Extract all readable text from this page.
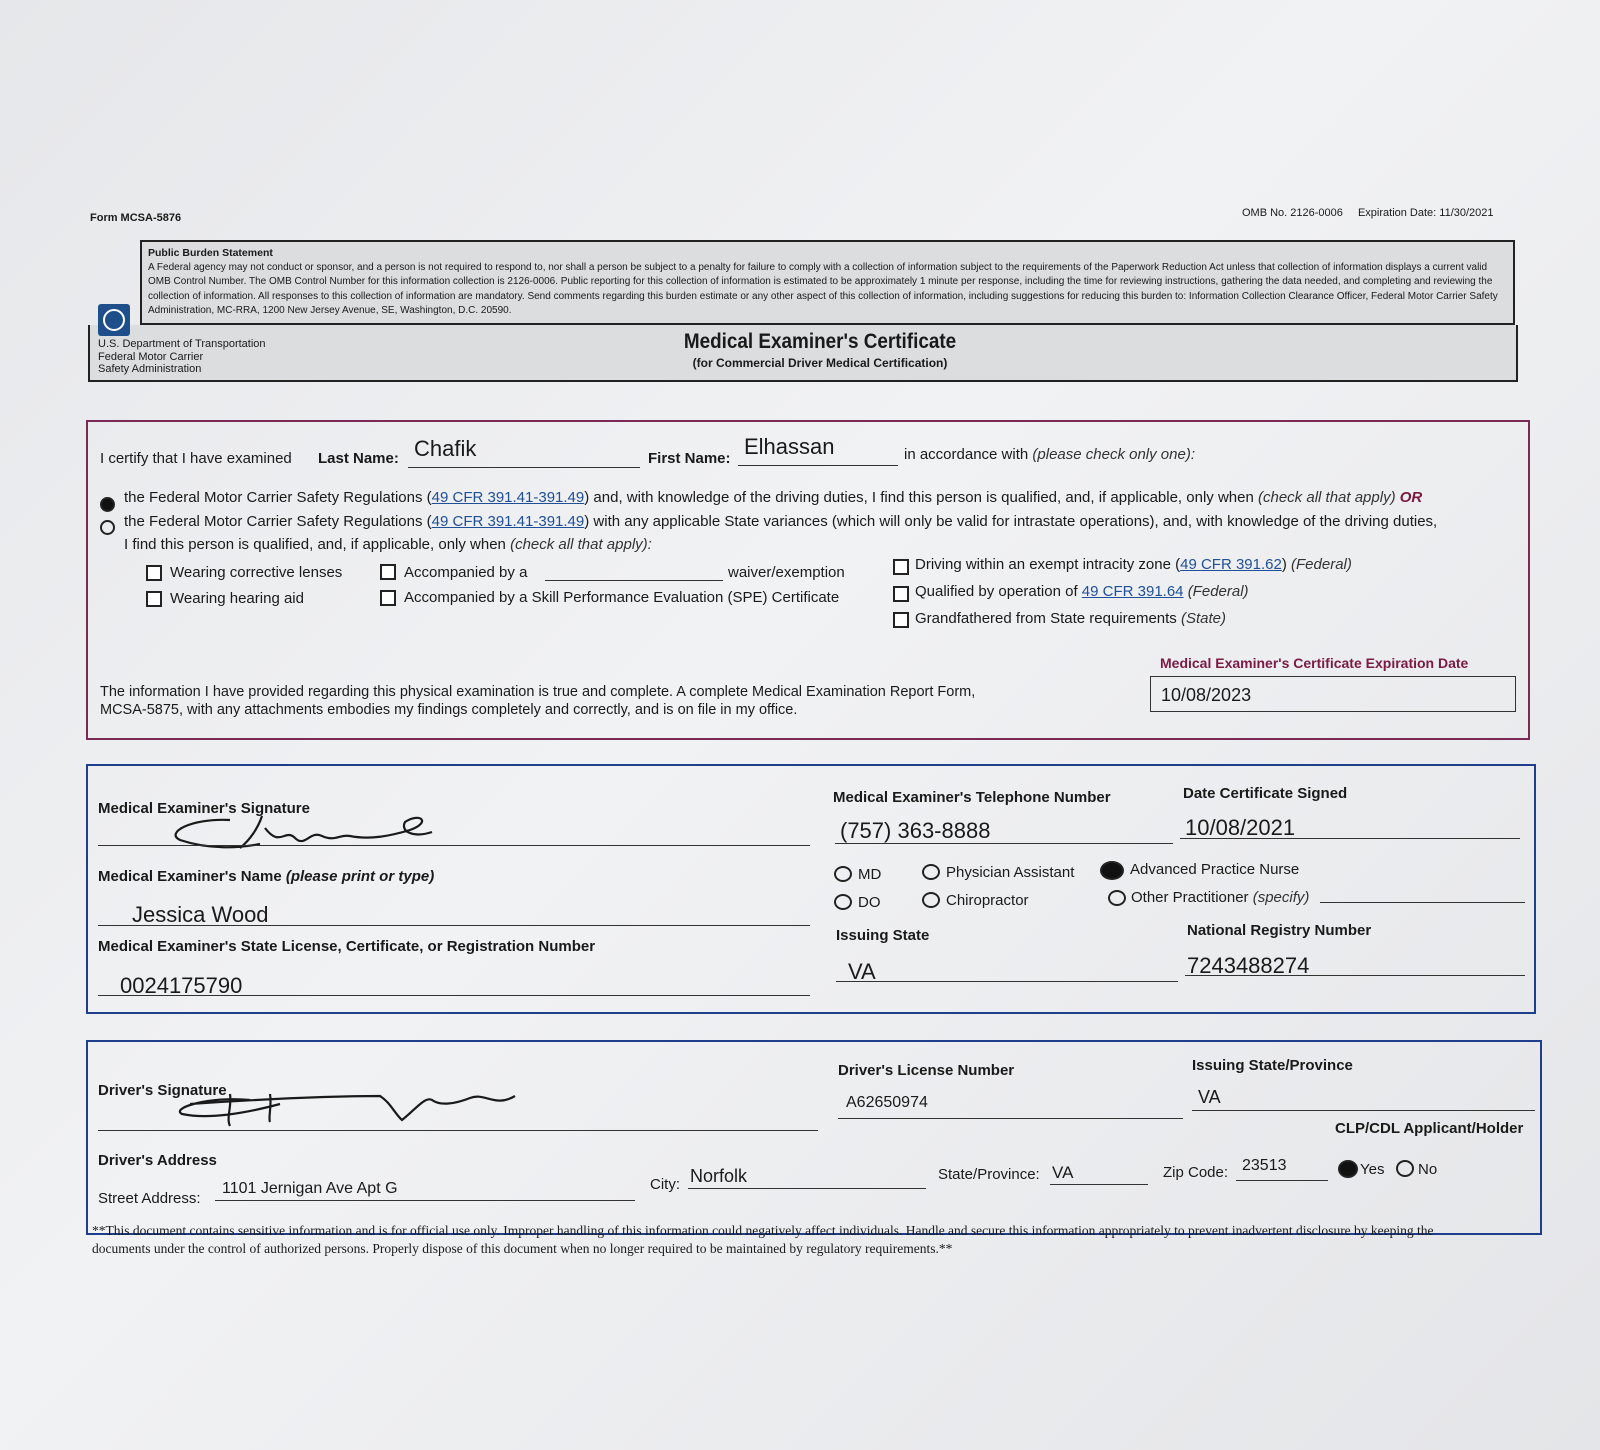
Form MCSA-5876	OMB No. 2126-0006 Expiration Date: 11/30/2021
Public Burden Statement
A Federal agency may not conduct or sponsor, and a person is not required to respond to, nor shall a person be subject to a penalty for failure to comply with a collection of information subject to the requirements of the Paperwork Reduction Act unless that collection of information displays a current valid OMB Control Number. The OMB Control Number for this information collection is 2126-0006. Public reporting for this collection of information is estimated to be approximately 1 minute per response, including the time for reviewing instructions, gathering the data needed, and completing and reviewing the collection of information. All responses to this collection of information are mandatory. Send comments regarding this burden estimate or any other aspect of this collection of information, including suggestions for reducing this burden to: Information Collection Clearance Officer, Federal Motor Carrier Safety Administration, MC-RRA, 1200 New Jersey Avenue, SE, Washington, D.C. 20590.
U.S. Department of Transportation
Federal Motor Carrier
Safety Administration
Medical Examiner's Certificate
(for Commercial Driver Medical Certification)
I certify that I have examined Last Name: Chafik	First Name: Elhassan	in accordance with (please check only one):
the Federal Motor Carrier Safety Regulations (49 CFR 391.41-391.49) and, with knowledge of the driving duties, I find this person is qualified, and, if applicable, only when (check all that apply) OR
the Federal Motor Carrier Safety Regulations (49 CFR 391.41-391.49) with any applicable State variances (which will only be valid for intrastate operations), and, with knowledge of the driving duties,
I find this person is qualified, and, if applicable, only when (check all that apply):
Wearing corrective lenses
Wearing hearing aid
Accompanied by a	waiver/exemption
Accompanied by a Skill Performance Evaluation (SPE) Certificate
Driving within an exempt intracity zone (49 CFR 391.62) (Federal)
Qualified by operation of 49 CFR 391.64 (Federal)
Grandfathered from State requirements (State)
The information I have provided regarding this physical examination is true and complete. A complete Medical Examination Report Form,
MCSA-5875, with any attachments embodies my findings completely and correctly, and is on file in my office.
Medical Examiner's Certificate Expiration Date
10/08/2023
Medical Examiner's Signature
Medical Examiner's Telephone Number
(757) 363-8888
Date Certificate Signed
10/08/2021
Medical Examiner's Name (please print or type)
Jessica Wood
MD
DO
Physician Assistant
Chiropractor
Advanced Practice Nurse
Other Practitioner (specify)
Medical Examiner's State License, Certificate, or Registration Number
0024175790
Issuing State
VA
National Registry Number
7243488274
Driver's Signature
Driver's License Number
A62650974
Issuing State/Province
VA
CLP/CDL Applicant/Holder
Driver's Address
Street Address:
1101 Jernigan Ave Apt G	City: Norfolk	State/Province: VA	Zip Code: 23513	Yes No
**This document contains sensitive information and is for official use only. Improper handling of this information could negatively affect individuals. Handle and secure this information appropriately to prevent inadvertent disclosure by keeping the documents under the control of authorized persons. Properly dispose of this document when no longer required to be maintained by regulatory requirements.**
